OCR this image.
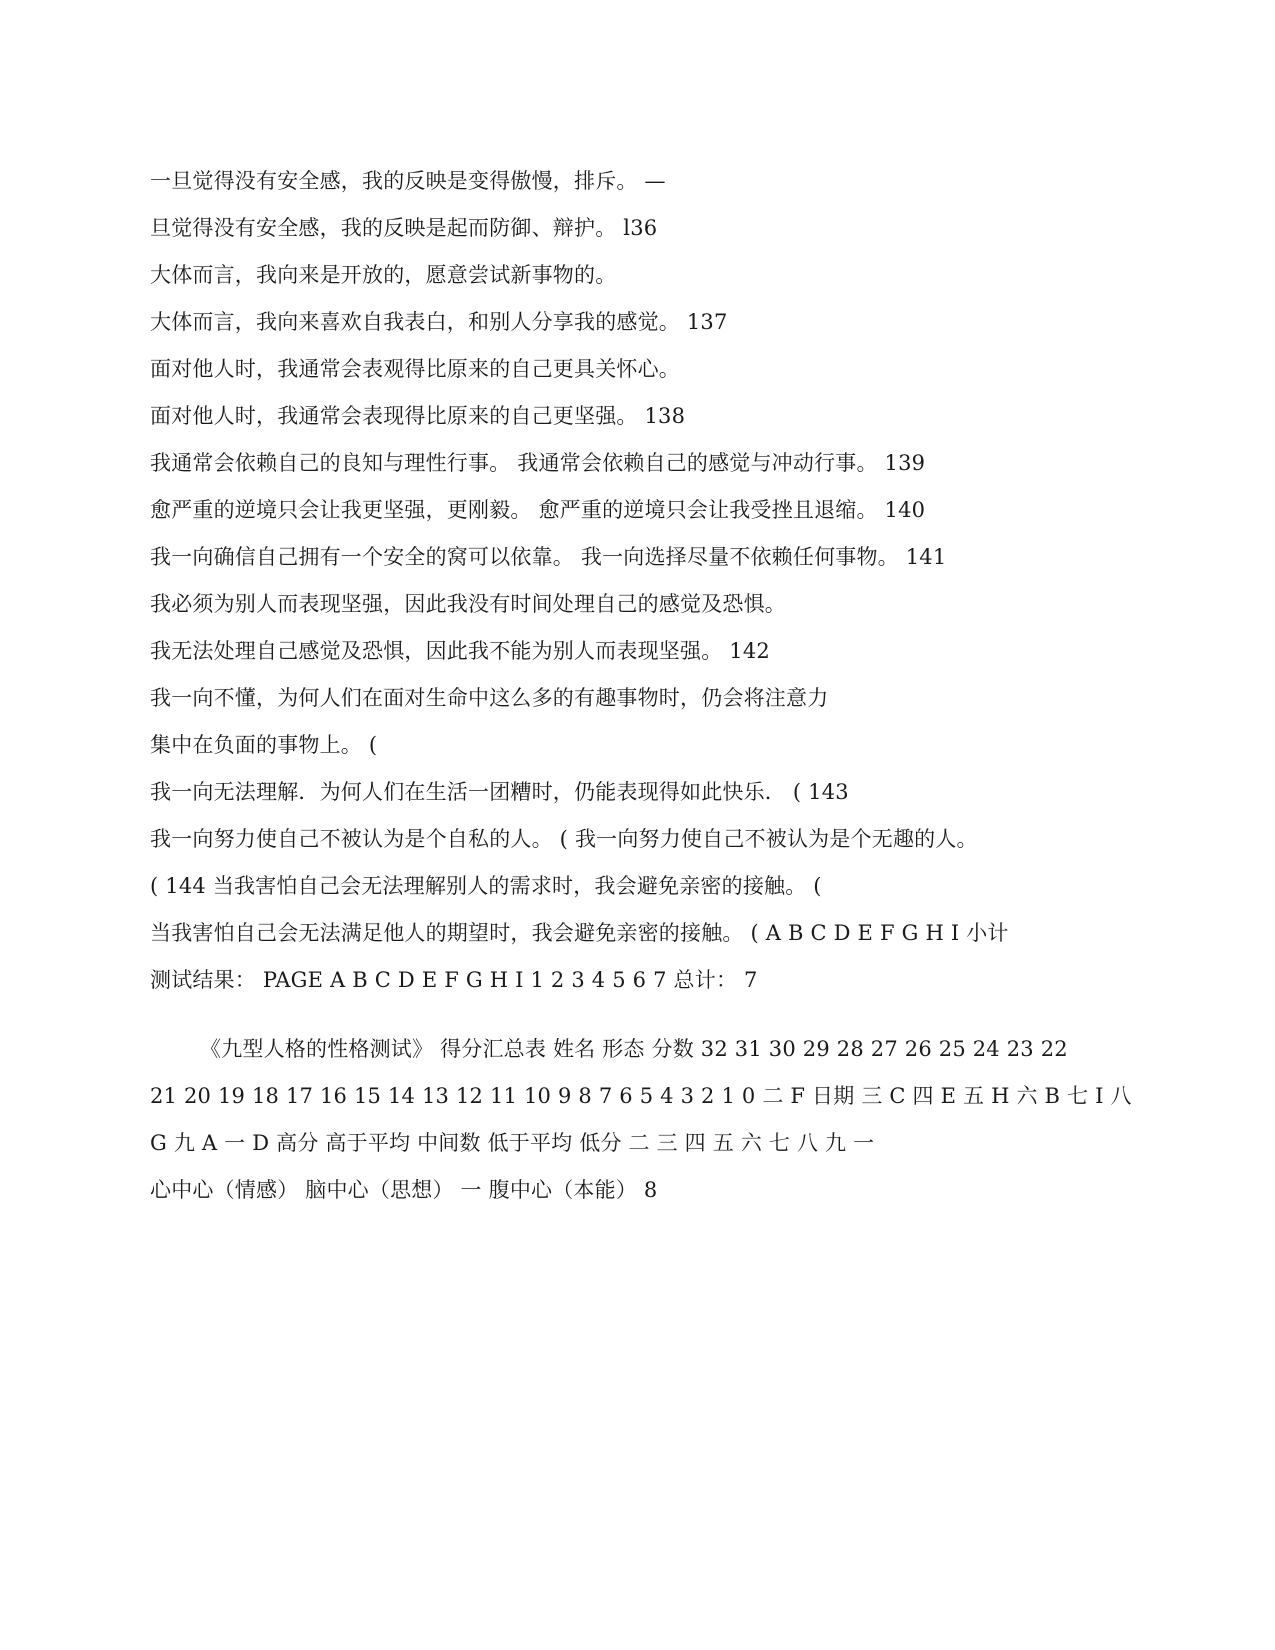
一旦觉得没有安全感，我的反映是变得傲慢，排斥。 —
旦觉得没有安全感，我的反映是起而防御、辩护。 l36
大体而言，我向来是开放的，愿意尝试新事物的。
大体而言，我向来喜欢自我表白，和别人分享我的感觉。 137
面对他人时，我通常会表观得比原来的自己更具关怀心。
面对他人时，我通常会表现得比原来的自己更坚强。 138
我通常会依赖自己的良知与理性行事。 我通常会依赖自己的感觉与冲动行事。 139
愈严重的逆境只会让我更坚强，更刚毅。 愈严重的逆境只会让我受挫且退缩。 140
我一向确信自己拥有一个安全的窝可以依靠。 我一向选择尽量不依赖任何事物。 141
我必须为别人而表现坚强，因此我没有时间处理自己的感觉及恐惧。
我无法处理自己感觉及恐惧，因此我不能为别人而表现坚强。 142
我一向不懂，为何人们在面对生命中这么多的有趣事物时，仍会将注意力
集中在负面的事物上。 (
我一向无法理解．为何人们在生活一团糟时，仍能表现得如此快乐． ( 143
我一向努力使自己不被认为是个自私的人。 ( 我一向努力使自己不被认为是个无趣的人。
( 144 当我害怕自己会无法理解别人的需求时，我会避免亲密的接触。 (
当我害怕自己会无法满足他人的期望时，我会避免亲密的接触。 ( A B C D E F G H I 小计
测试结果： PAGE A B C D E F G H I 1 2 3 4 5 6 7 总计： 7
《九型人格的性格测试》 得分汇总表 姓名 形态 分数 32 31 30 29 28 27 26 25 24 23 22
21 20 19 18 17 16 15 14 13 12 11 10 9 8 7 6 5 4 3 2 1 0 二 F 日期 三 C 四 E 五 H 六 B 七 I 八
G 九 A 一 D 高分 高于平均 中间数 低于平均 低分 二 三 四 五 六 七 八 九 一
心中心（情感） 脑中心（思想） 一 腹中心（本能） 8
